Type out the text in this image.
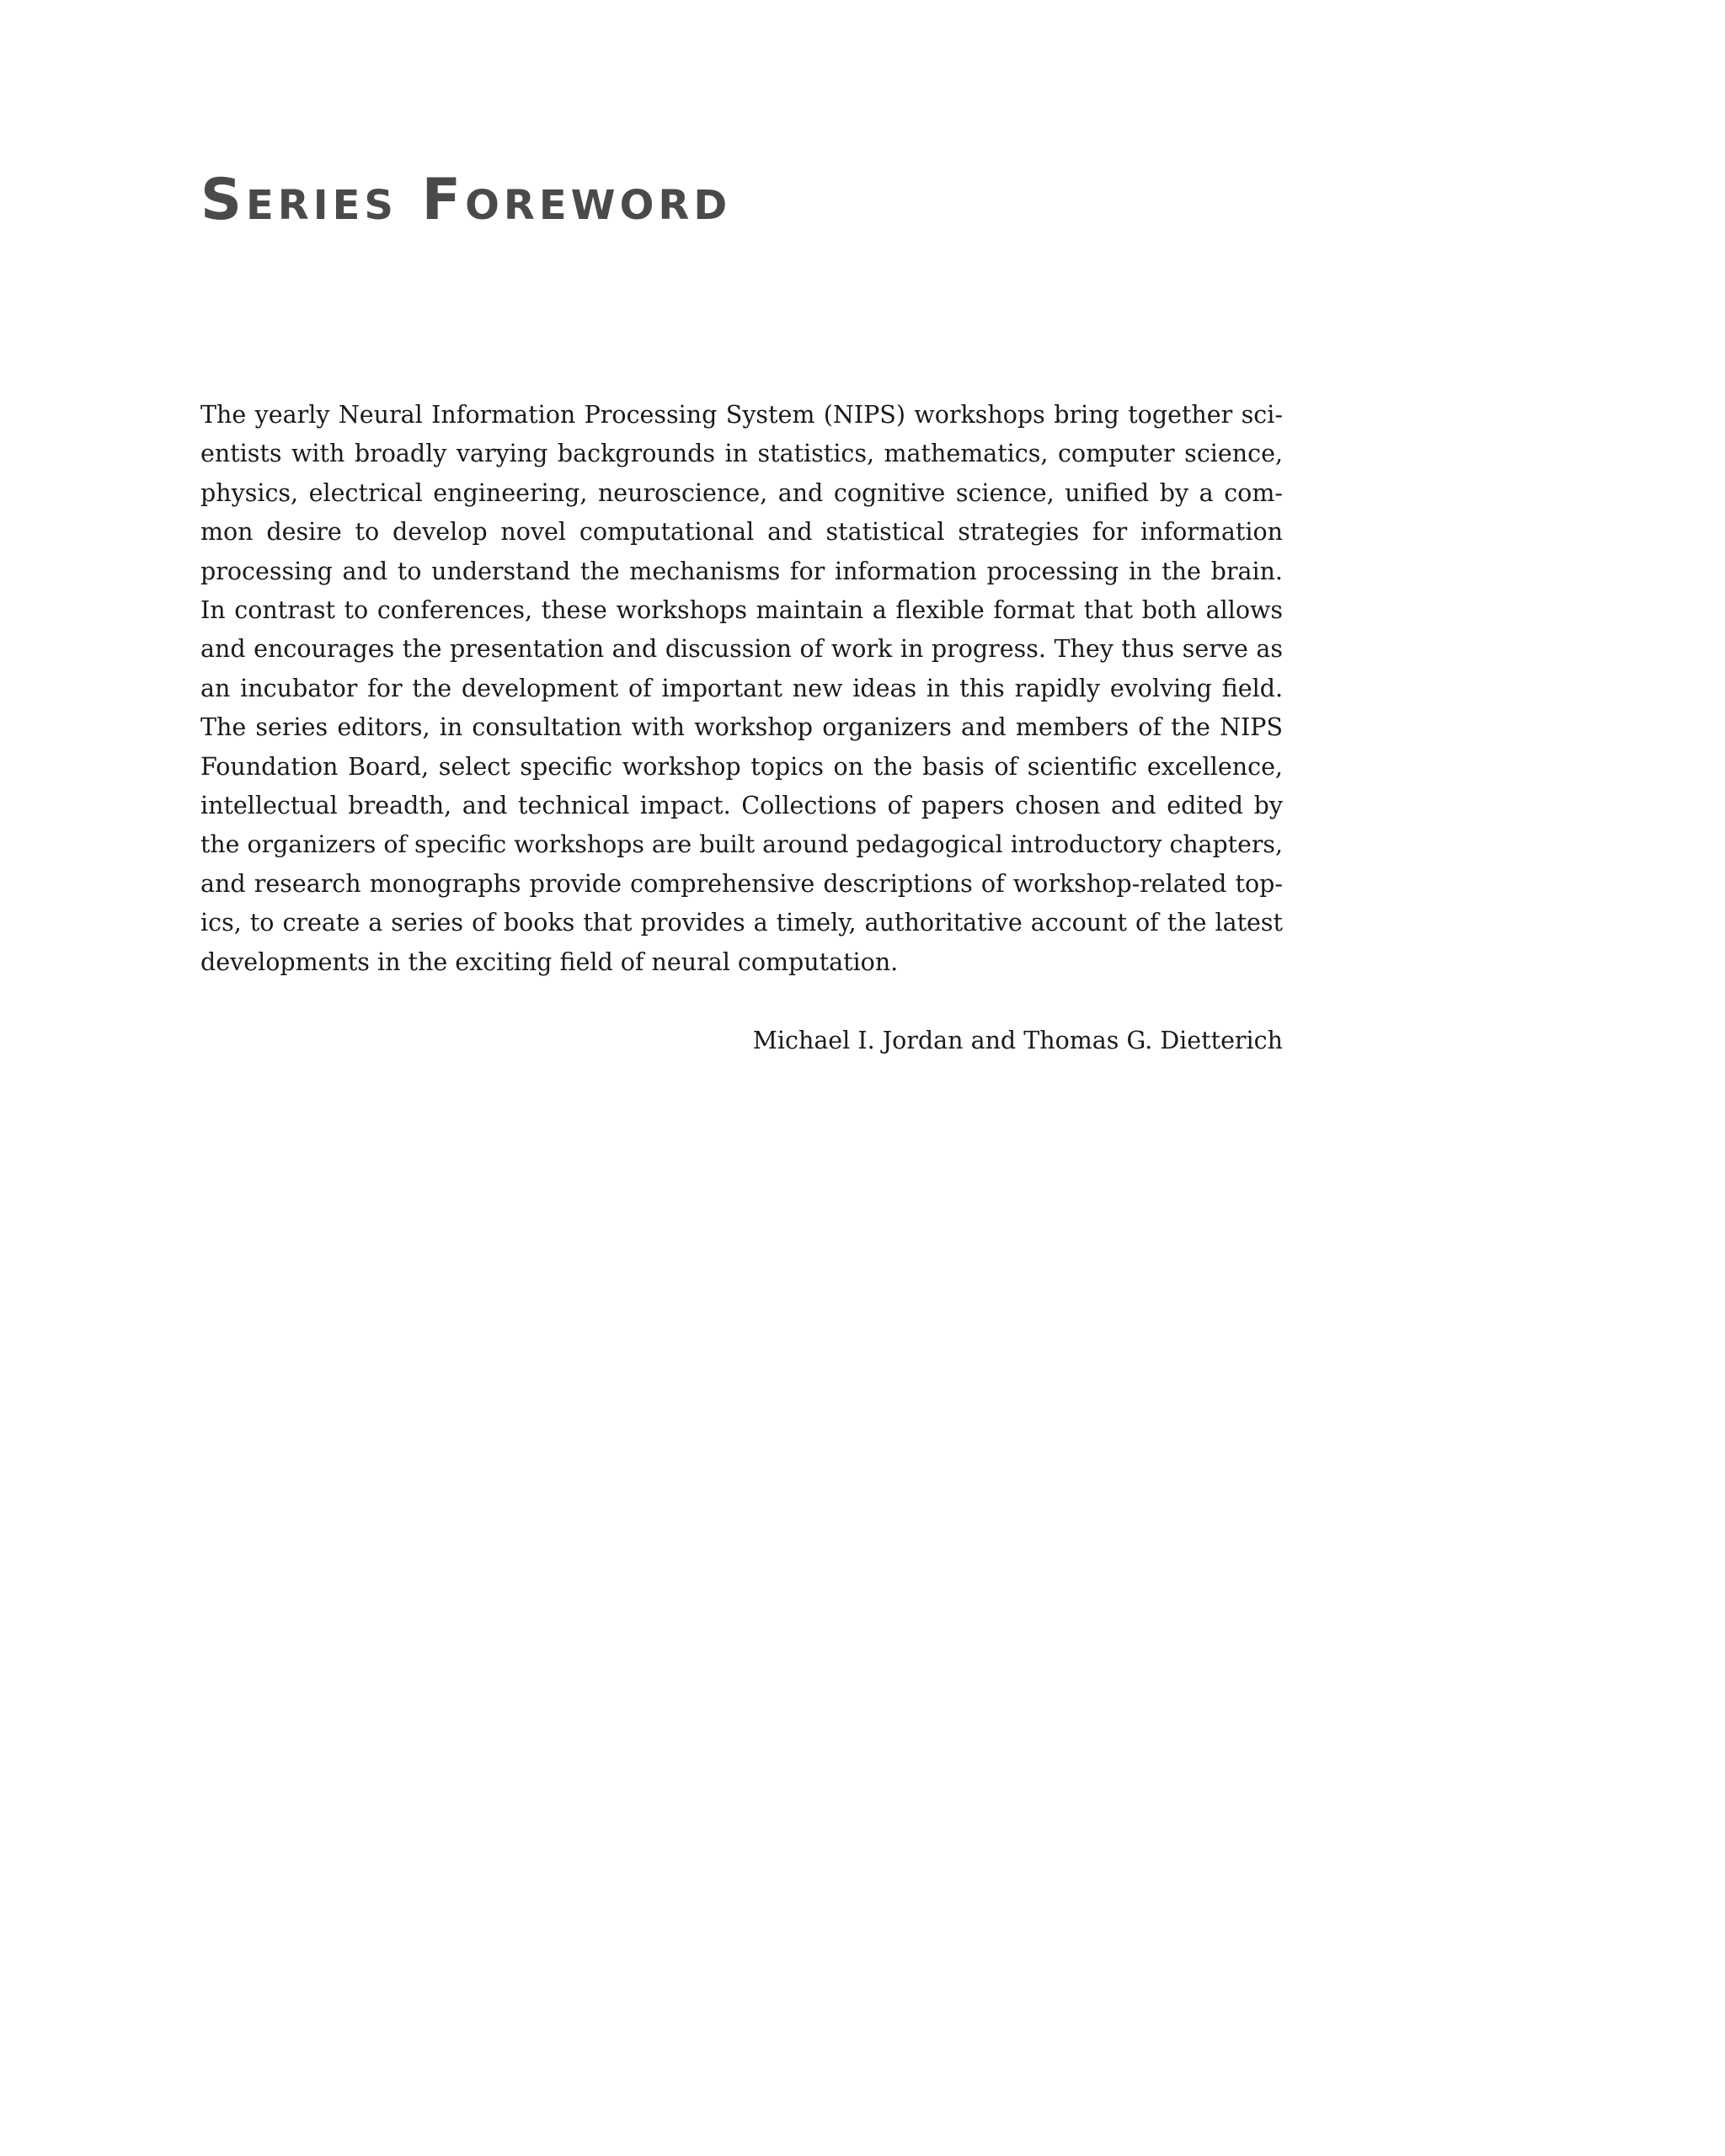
Series Foreword

The yearly Neural Information Processing System (NIPS) workshops bring together sci-
entists with broadly varying backgrounds in statistics, mathematics, computer science,
physics, electrical engineering, neuroscience, and cognitive science, unified by a com-
mon desire to develop novel computational and statistical strategies for information
processing and to understand the mechanisms for information processing in the brain.
In contrast to conferences, these workshops maintain a flexible format that both allows
and encourages the presentation and discussion of work in progress. They thus serve as
an incubator for the development of important new ideas in this rapidly evolving field.
The series editors, in consultation with workshop organizers and members of the NIPS
Foundation Board, select specific workshop topics on the basis of scientific excellence,
intellectual breadth, and technical impact. Collections of papers chosen and edited by
the organizers of specific workshops are built around pedagogical introductory chapters,
and research monographs provide comprehensive descriptions of workshop-related top-
ics, to create a series of books that provides a timely, authoritative account of the latest
developments in the exciting field of neural computation.

Michael I. Jordan and Thomas G. Dietterich
